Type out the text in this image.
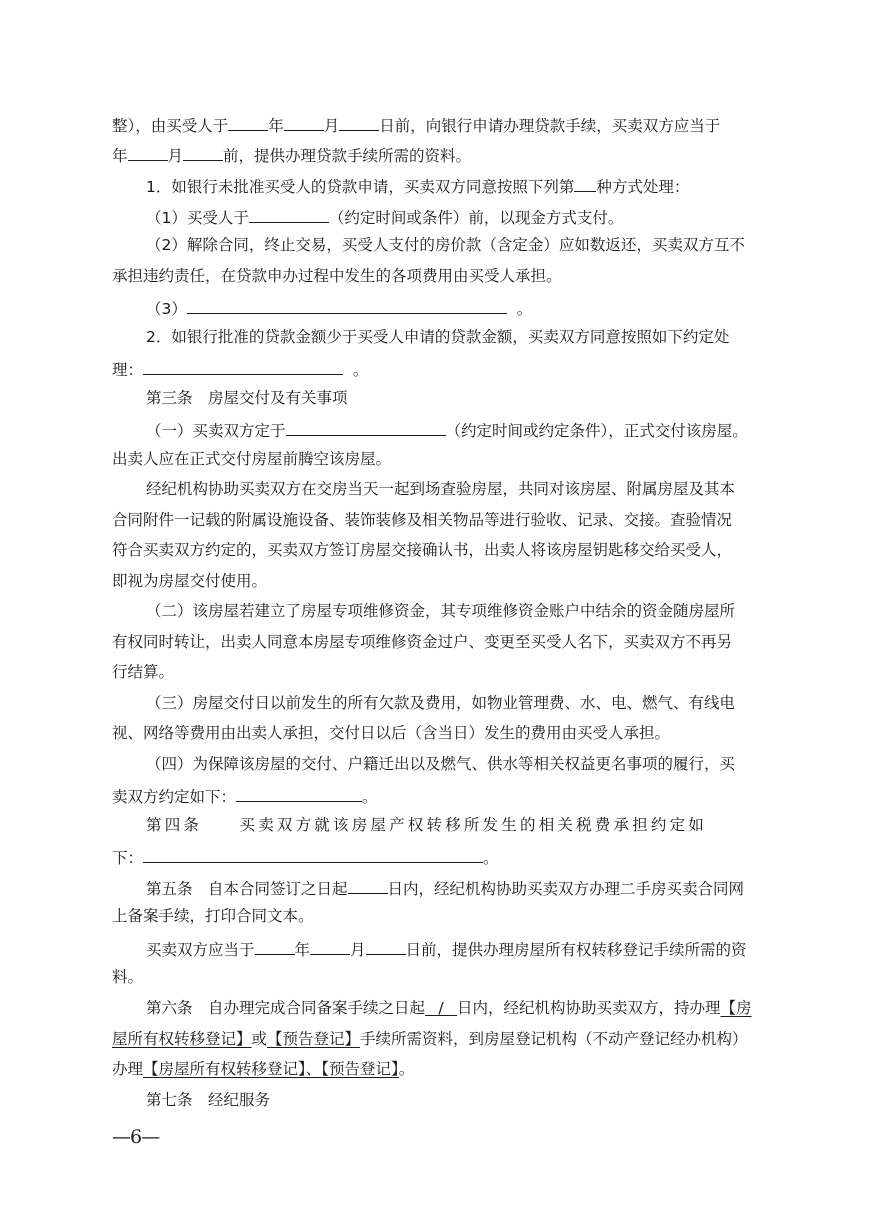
整），由买受人于	年	月	日前，向银行申请办理贷款手续，买卖双方应当于
年	月	前，提供办理贷款手续所需的资料。
1．如银行未批准买受人的贷款申请，买卖双方同意按照下列第 种方式处理：
（1）买受人于	（约定时间或条件）前，以现金方式支付。
（2）解除合同，终止交易，买受人支付的房价款（含定金）应如数返还，买卖双方互不
承担违约责任，在贷款申办过程中发生的各项费用由买受人承担。
（3）	。
2．如银行批准的贷款金额少于买受人申请的贷款金额，买卖双方同意按照如下约定处
理：	。
第三条　房屋交付及有关事项
（一）买卖双方定于	（约定时间或约定条件），正式交付该房屋。
出卖人应在正式交付房屋前腾空该房屋。
经纪机构协助买卖双方在交房当天一起到场查验房屋，共同对该房屋、附属房屋及其本
合同附件一记载的附属设施设备、装饰装修及相关物品等进行验收、记录、交接。查验情况
符合买卖双方约定的，买卖双方签订房屋交接确认书，出卖人将该房屋钥匙移交给买受人，
即视为房屋交付使用。
（二）该房屋若建立了房屋专项维修资金，其专项维修资金账户中结余的资金随房屋所
有权同时转让，出卖人同意本房屋专项维修资金过户、变更至买受人名下，买卖双方不再另
行结算。
（三）房屋交付日以前发生的所有欠款及费用，如物业管理费、水、电、燃气、有线电
视、网络等费用由出卖人承担，交付日以后（含当日）发生的费用由买受人承担。
（四）为保障该房屋的交付、户籍迁出以及燃气、供水等相关权益更名事项的履行，买
卖双方约定如下：	。
第四条　　买卖双方就该房屋产权转移所发生的相关税费承担约定如
下：	。
第五条　自本合同签订之日起	日内，经纪机构协助买卖双方办理二手房买卖合同网
上备案手续，打印合同文本。
买卖双方应当于	年	月	日前，提供办理房屋所有权转移登记手续所需的资
料。
第六条　自办理完成合同备案手续之日起 / 日内，经纪机构协助买卖双方，持办理【房
屋所有权转移登记】或【预告登记】手续所需资料，到房屋登记机构（不动产登记经办机构）
办理【房屋所有权转移登记】、【预告登记】。
第七条　经纪服务
—6—
